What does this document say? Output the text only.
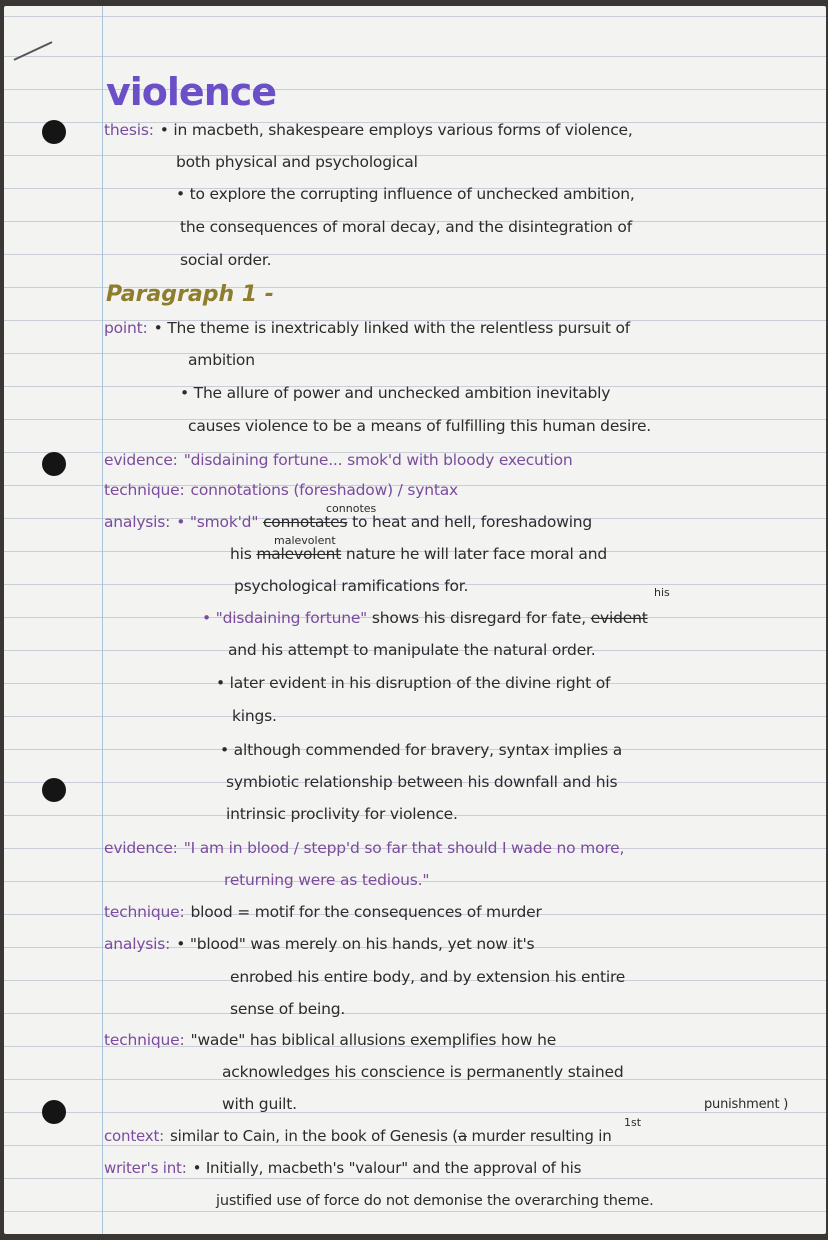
violence
thesis: • in macbeth, shakespeare employs various forms of violence,
both physical and psychological
• to explore the corrupting influence of unchecked ambition,
the consequences of moral decay, and the disintegration of
social order.
Paragraph 1 -
point: • The theme is inextricably linked with the relentless pursuit of
ambition
• The allure of power and unchecked ambition inevitably
causes violence to be a means of fulfilling this human desire.
evidence: "disdaining fortune... smok'd with bloody execution
technique: connotations (foreshadow) / syntax
connotes
analysis: • "smok'd" connotates to heat and hell, foreshadowing
malevolent
his malevolent nature he will later face moral and
psychological ramifications for.	his
• "disdaining fortune" shows his disregard for fate, evident
and his attempt to manipulate the natural order.
• later evident in his disruption of the divine right of
kings.
• although commended for bravery, syntax implies a
symbiotic relationship between his downfall and his
intrinsic proclivity for violence.
evidence: "I am in blood / stepp'd so far that should I wade no more,
returning were as tedious."
technique: blood = motif for the consequences of murder
analysis: • "blood" was merely on his hands, yet now it's
enrobed his entire body, and by extension his entire
sense of being.
technique: "wade" has biblical allusions exemplifies how he
acknowledges his conscience is permanently stained
with guilt.	punishment )
1st
context: similar to Cain, in the book of Genesis (a murder resulting in
writer's int: • Initially, macbeth's "valour" and the approval of his
justified use of force do not demonise the overarching theme.
